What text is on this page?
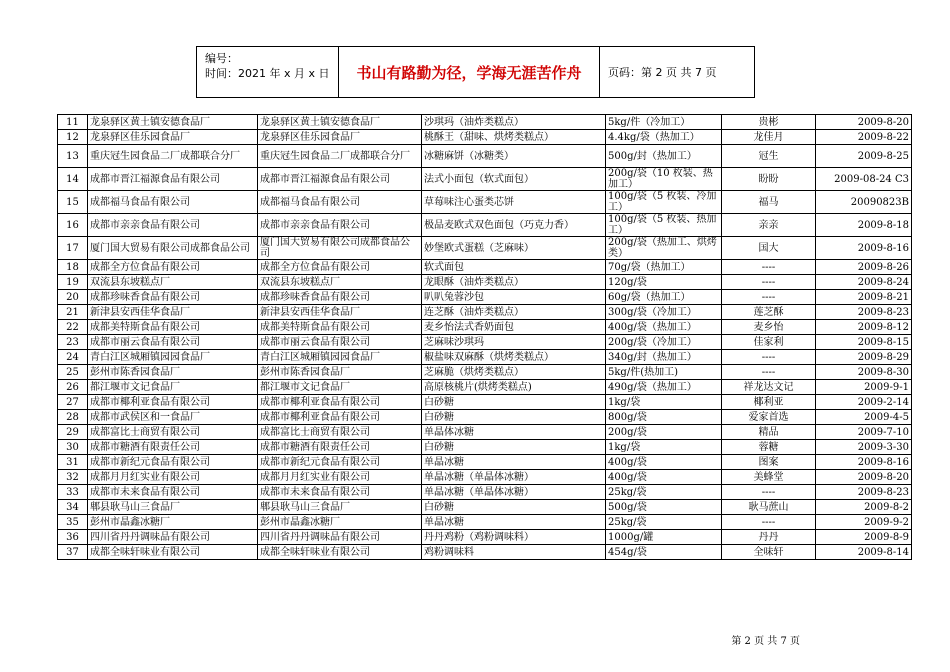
编号：
时间：2021 年 x 月 x 日	书山有路勤为径，学海无涯苦作舟	页码：第 2 页 共 7 页
11	龙泉驿区黄土镇安德食品厂	龙泉驿区黄土镇安德食品厂	沙琪玛（油炸类糕点）	5kg/件（冷加工）	贵彬	2009-8-20
12	龙泉驿区佳乐园食品厂	龙泉驿区佳乐园食品厂	桃酥王（甜味、烘烤类糕点）	4.4kg/袋（热加工）	龙佳月	2009-8-22
13	重庆冠生园食品二厂成都联合分厂	重庆冠生园食品二厂成都联合分厂	冰糖麻饼（冰糖类）	500g/封（热加工）	冠生	2009-8-25
14	成都市晋江福源食品有限公司	成都市晋江福源食品有限公司	法式小面包（软式面包）	200g/袋（10 枚装、热加工）	盼盼	2009-08-24 C3
15	成都福马食品有限公司	成都福马食品有限公司	草莓味注心蛋类芯饼	100g/袋（5 枚装、冷加工）	福马	20090823B
16	成都市亲亲食品有限公司	成都市亲亲食品有限公司	极品麦欧式双色面包（巧克力香）	100g/袋（5 枚装、热加工）	亲亲	2009-8-18
17	厦门国大贸易有限公司成都食品公司	厦门国大贸易有限公司成都食品公司	妙堡欧式蛋糕（芝麻味）	200g/袋（热加工、烘烤类）	国大	2009-8-16
18	成都全方位食品有限公司	成都全方位食品有限公司	软式面包	70g/袋（热加工）	----	2009-8-26
19	双流县东坡糕点厂	双流县东坡糕点厂	龙眼酥（油炸类糕点）	120g/袋	----	2009-8-24
20	成都珍味香食品有限公司	成都珍味香食品有限公司	叭叭兔蓉沙包	60g/袋（热加工）	----	2009-8-21
21	新津县安西佳华食品厂	新津县安西佳华食品厂	连芝酥（油炸类糕点）	300g/袋（冷加工）	莲芝酥	2009-8-23
22	成都美特斯食品有限公司	成都美特斯食品有限公司	麦乡怡法式香奶面包	400g/袋（热加工）	麦乡怡	2009-8-12
23	成都市丽云食品有限公司	成都市丽云食品有限公司	芝麻味沙琪玛	200g/袋（冷加工）	佳家利	2009-8-15
24	青白江区城厢镇园园食品厂	青白江区城厢镇园园食品厂	椒盐味双麻酥（烘烤类糕点）	340g/封（热加工）	----	2009-8-29
25	彭州市陈香园食品厂	彭州市陈香园食品厂	芝麻脆（烘烤类糕点）	5kg/件(热加工)	----	2009-8-30
26	都江堰市文记食品厂	都江堰市文记食品厂	高原核桃片(烘烤类糕点)	490g/袋（热加工）	祥龙达文记	2009-9-1
27	成都市椰利亚食品有限公司	成都市椰利亚食品有限公司	白砂糖	1kg/袋	椰利亚	2009-2-14
28	成都市武侯区和一食品厂	成都市椰利亚食品有限公司	白砂糖	800g/袋	爱家首选	2009-4-5
29	成都富比士商贸有限公司	成都富比士商贸有限公司	单晶体冰糖	200g/袋	精品	2009-7-10
30	成都市糖酒有限责任公司	成都市糖酒有限责任公司	白砂糖	1kg/袋	蓉糖	2009-3-30
31	成都市新纪元食品有限公司	成都市新纪元食品有限公司	单晶冰糖	400g/袋	图案	2009-8-16
32	成都月月红实业有限公司	成都月月红实业有限公司	单晶冰糖（单晶体冰糖）	400g/袋	美蜂堂	2009-8-20
33	成都市未来食品有限公司	成都市未来食品有限公司	单晶冰糖（单晶体冰糖）	25kg/袋	----	2009-8-23
34	郫县耿马山三食品厂	郫县耿马山三食品厂	白砂糖	500g/袋	耿马蔗山	2009-8-2
35	彭州市晶鑫冰糖厂	彭州市晶鑫冰糖厂	单晶冰糖	25kg/袋	----	2009-9-2
36	四川省丹丹调味品有限公司	四川省丹丹调味品有限公司	丹丹鸡粉（鸡粉调味料）	1000g/罐	丹丹	2009-8-9
37	成都全味轩味业有限公司	成都全味轩味业有限公司	鸡粉调味料	454g/袋	全味轩	2009-8-14
第 2 页 共 7 页
